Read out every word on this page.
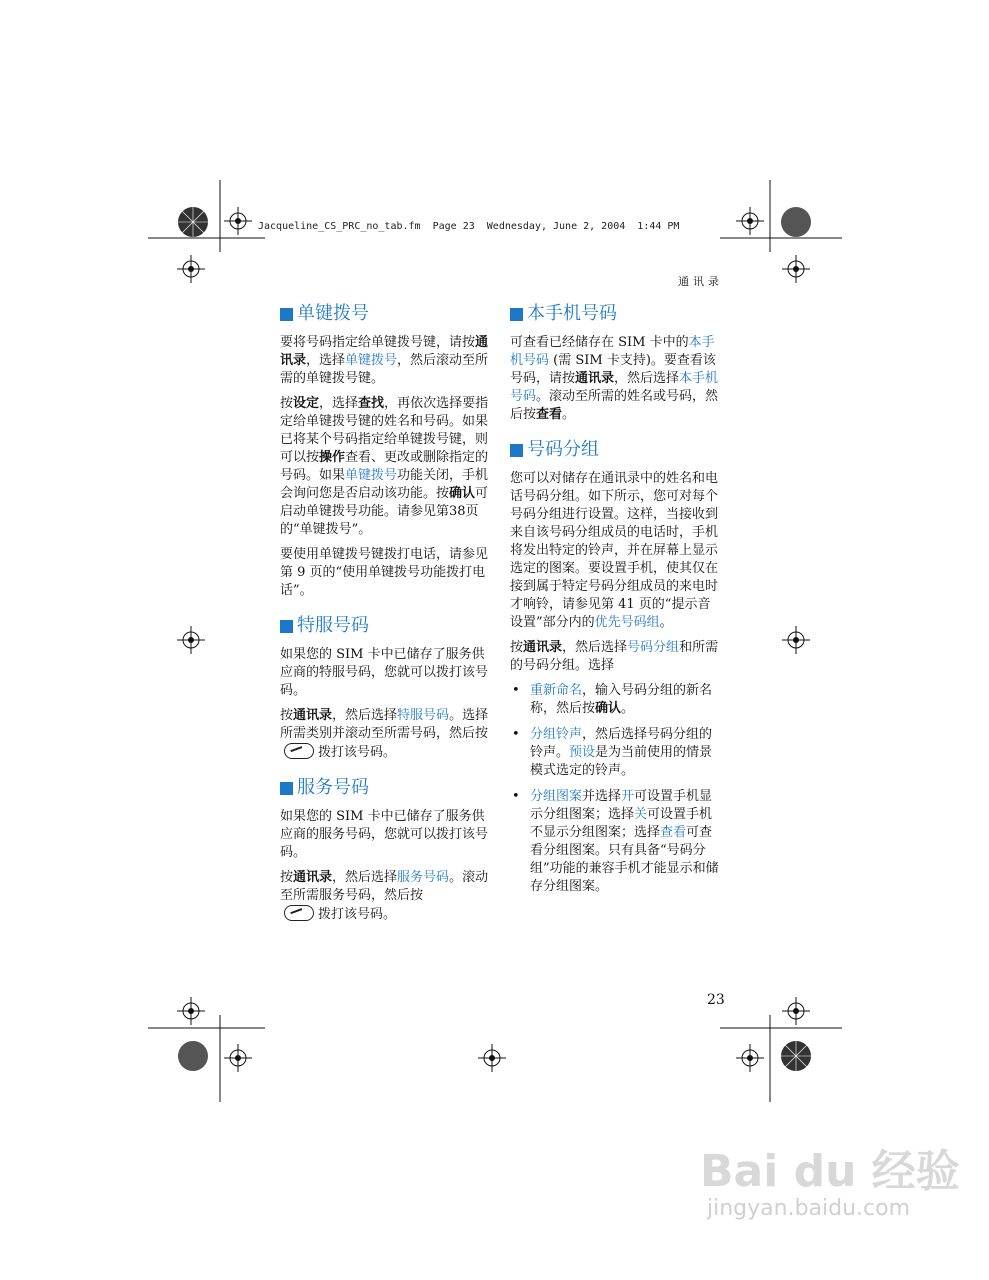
Jacqueline_CS_PRC_no_tab.fm  Page 23  Wednesday, June 2, 2004  1:44 PM
通讯录
单键拨号

要将号码指定给单键拨号键，请按通讯录，选择单键拨号，然后滚动至所需的单键拨号键。

按设定，选择查找，再依次选择要指定给单键拨号键的姓名和号码。如果已将某个号码指定给单键拨号键，则可以按操作查看、更改或删除指定的号码。如果单键拨号功能关闭，手机会询问您是否启动该功能。按确认可启动单键拨号功能。请参见第38页的“单键拨号”。

要使用单键拨号键拨打电话，请参见第 9 页的“使用单键拨号功能拨打电话”。

特服号码

如果您的 SIM 卡中已储存了服务供应商的特服号码，您就可以拨打该号码。

按通讯录，然后选择特服号码。选择所需类别并滚动至所需号码，然后按拨打该号码。

服务号码

如果您的 SIM 卡中已储存了服务供应商的服务号码，您就可以拨打该号码。

按通讯录，然后选择服务号码。滚动至所需服务号码，然后按
拨打该号码。

本手机号码

可查看已经储存在 SIM 卡中的本手机号码 (需 SIM 卡支持)。要查看该号码，请按通讯录，然后选择本手机号码。滚动至所需的姓名或号码，然后按查看。

号码分组

您可以对储存在通讯录中的姓名和电话号码分组。如下所示，您可对每个号码分组进行设置。这样，当接收到来自该号码分组成员的电话时，手机将发出特定的铃声，并在屏幕上显示选定的图案。要设置手机，使其仅在接到属于特定号码分组成员的来电时才响铃，请参见第 41 页的“提示音设置”部分内的优先号码组。

按通讯录，然后选择号码分组和所需的号码分组。选择

• 重新命名，输入号码分组的新名称，然后按确认。
• 分组铃声，然后选择号码分组的铃声。预设是为当前使用的情景模式选定的铃声。
• 分组图案并选择开可设置手机显示分组图案；选择关可设置手机不显示分组图案；选择查看可查看分组图案。只有具备“号码分组”功能的兼容手机才能显示和储存分组图案。
23
Bai du 经验
jingyan.baidu.com
